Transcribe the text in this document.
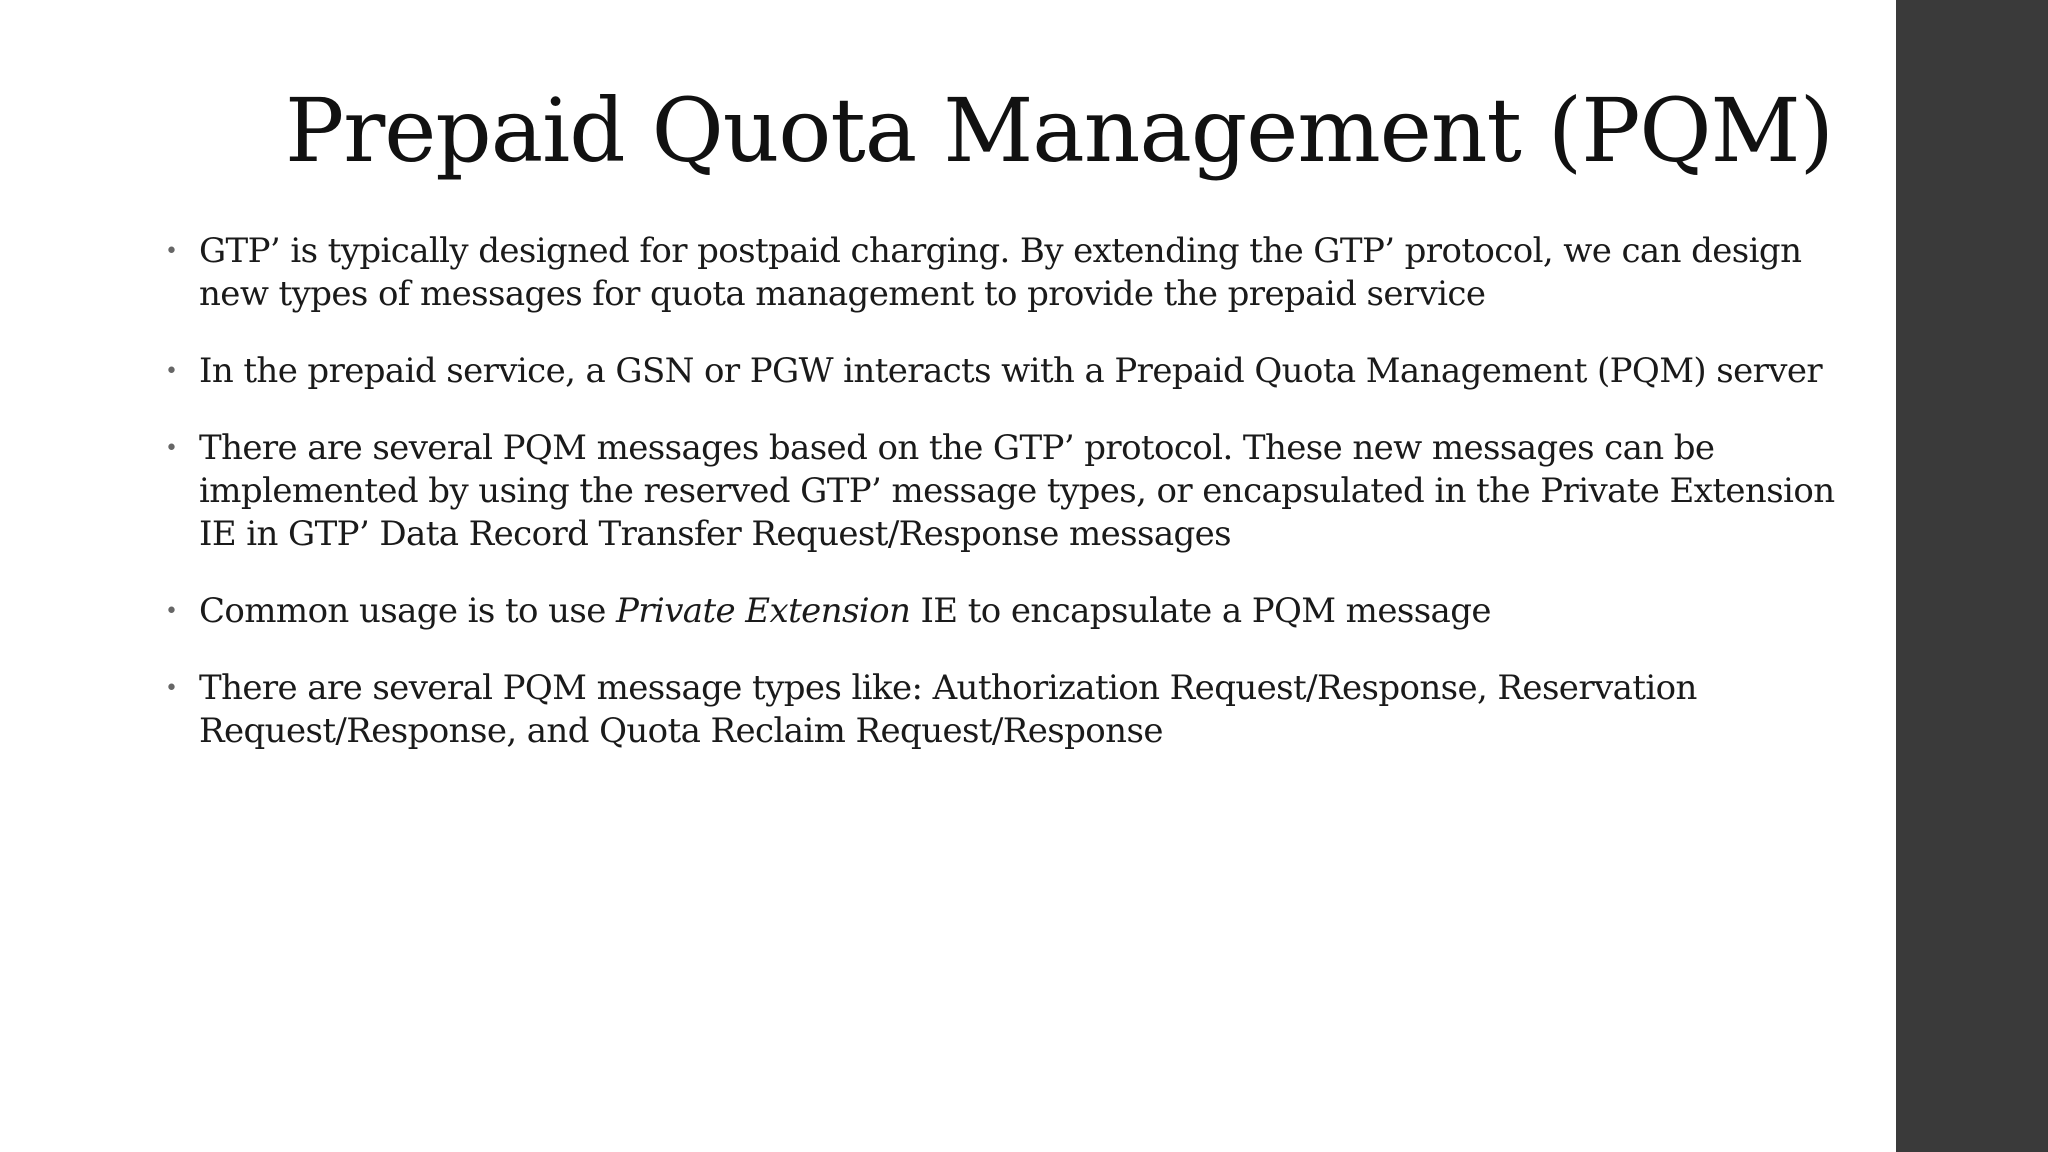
Prepaid Quota Management (PQM)
• GTP’ is typically designed for postpaid charging. By extending the GTP’ protocol, we can design new types of messages for quota management to provide the prepaid service
• In the prepaid service, a GSN or PGW interacts with a Prepaid Quota Management (PQM) server
• There are several PQM messages based on the GTP’ protocol. These new messages can be implemented by using the reserved GTP’ message types, or encapsulated in the Private Extension IE in GTP’ Data Record Transfer Request/Response messages
• Common usage is to use Private Extension IE to encapsulate a PQM message
• There are several PQM message types like: Authorization Request/Response, Reservation Request/Response, and Quota Reclaim Request/Response
